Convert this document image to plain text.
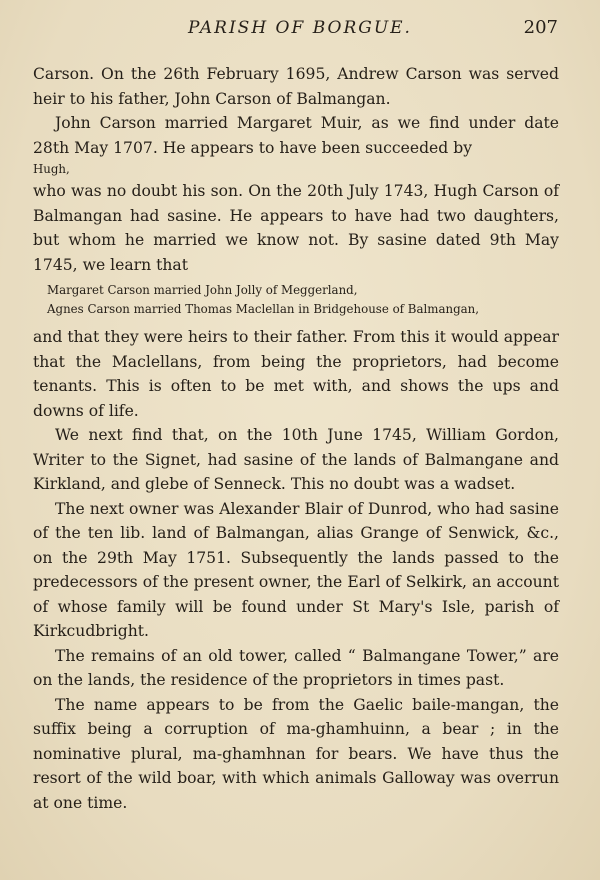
PARISH OF BORGUE.	207

Carson. On the 26th February 1695, Andrew Carson was served heir to his father, John Carson of Balmangan.

John Carson married Margaret Muir, as we find under date 28th May 1707. He appears to have been succeeded by

Hugh,

who was no doubt his son. On the 20th July 1743, Hugh Carson of Balmangan had sasine. He appears to have had two daughters, but whom he married we know not. By sasine dated 9th May 1745, we learn that

Margaret Carson married John Jolly of Meggerland,
Agnes Carson married Thomas Maclellan in Bridgehouse of Balmangan,

and that they were heirs to their father. From this it would appear that the Maclellans, from being the proprietors, had become tenants. This is often to be met with, and shows the ups and downs of life.

We next find that, on the 10th June 1745, William Gordon, Writer to the Signet, had sasine of the lands of Balmangane and Kirkland, and glebe of Senneck. This no doubt was a wadset.

The next owner was Alexander Blair of Dunrod, who had sasine of the ten lib. land of Balmangan, alias Grange of Senwick, &c., on the 29th May 1751. Subsequently the lands passed to the predecessors of the present owner, the Earl of Selkirk, an account of whose family will be found under St Mary's Isle, parish of Kirkcudbright.

The remains of an old tower, called “ Balmangane Tower,” are on the lands, the residence of the proprietors in times past.

The name appears to be from the Gaelic baile-mangan, the suffix being a corruption of ma-ghamhuinn, a bear ; in the nominative plural, ma-ghamhnan for bears. We have thus the resort of the wild boar, with which animals Galloway was overrun at one time.
